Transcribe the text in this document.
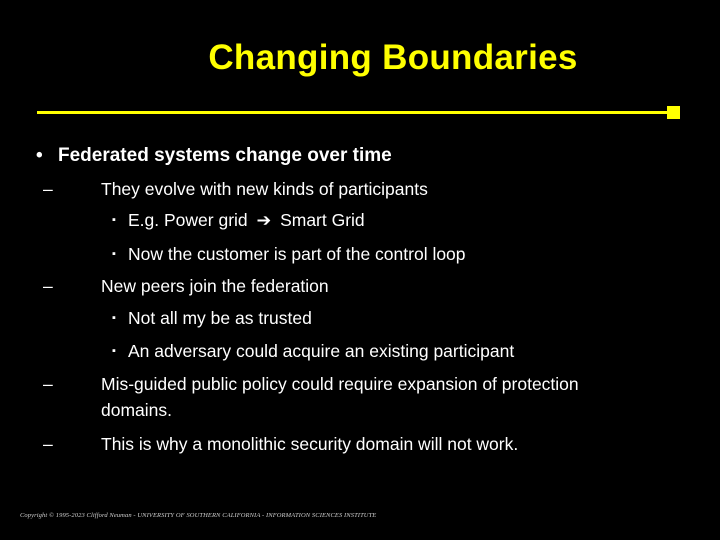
Changing Boundaries
• Federated systems change over time
–	They evolve with new kinds of participants
▪ E.g. Power grid ➔ Smart Grid
▪ Now the customer is part of the control loop
–	New peers join the federation
▪ Not all my be as trusted
▪ An adversary could acquire an existing participant
–	Mis-guided public policy could require expansion of protection
domains.
–	This is why a monolithic security domain will not work.
Copyright © 1995-2023 Clifford Neuman - UNIVERSITY OF SOUTHERN CALIFORNIA - INFORMATION SCIENCES INSTITUTE
